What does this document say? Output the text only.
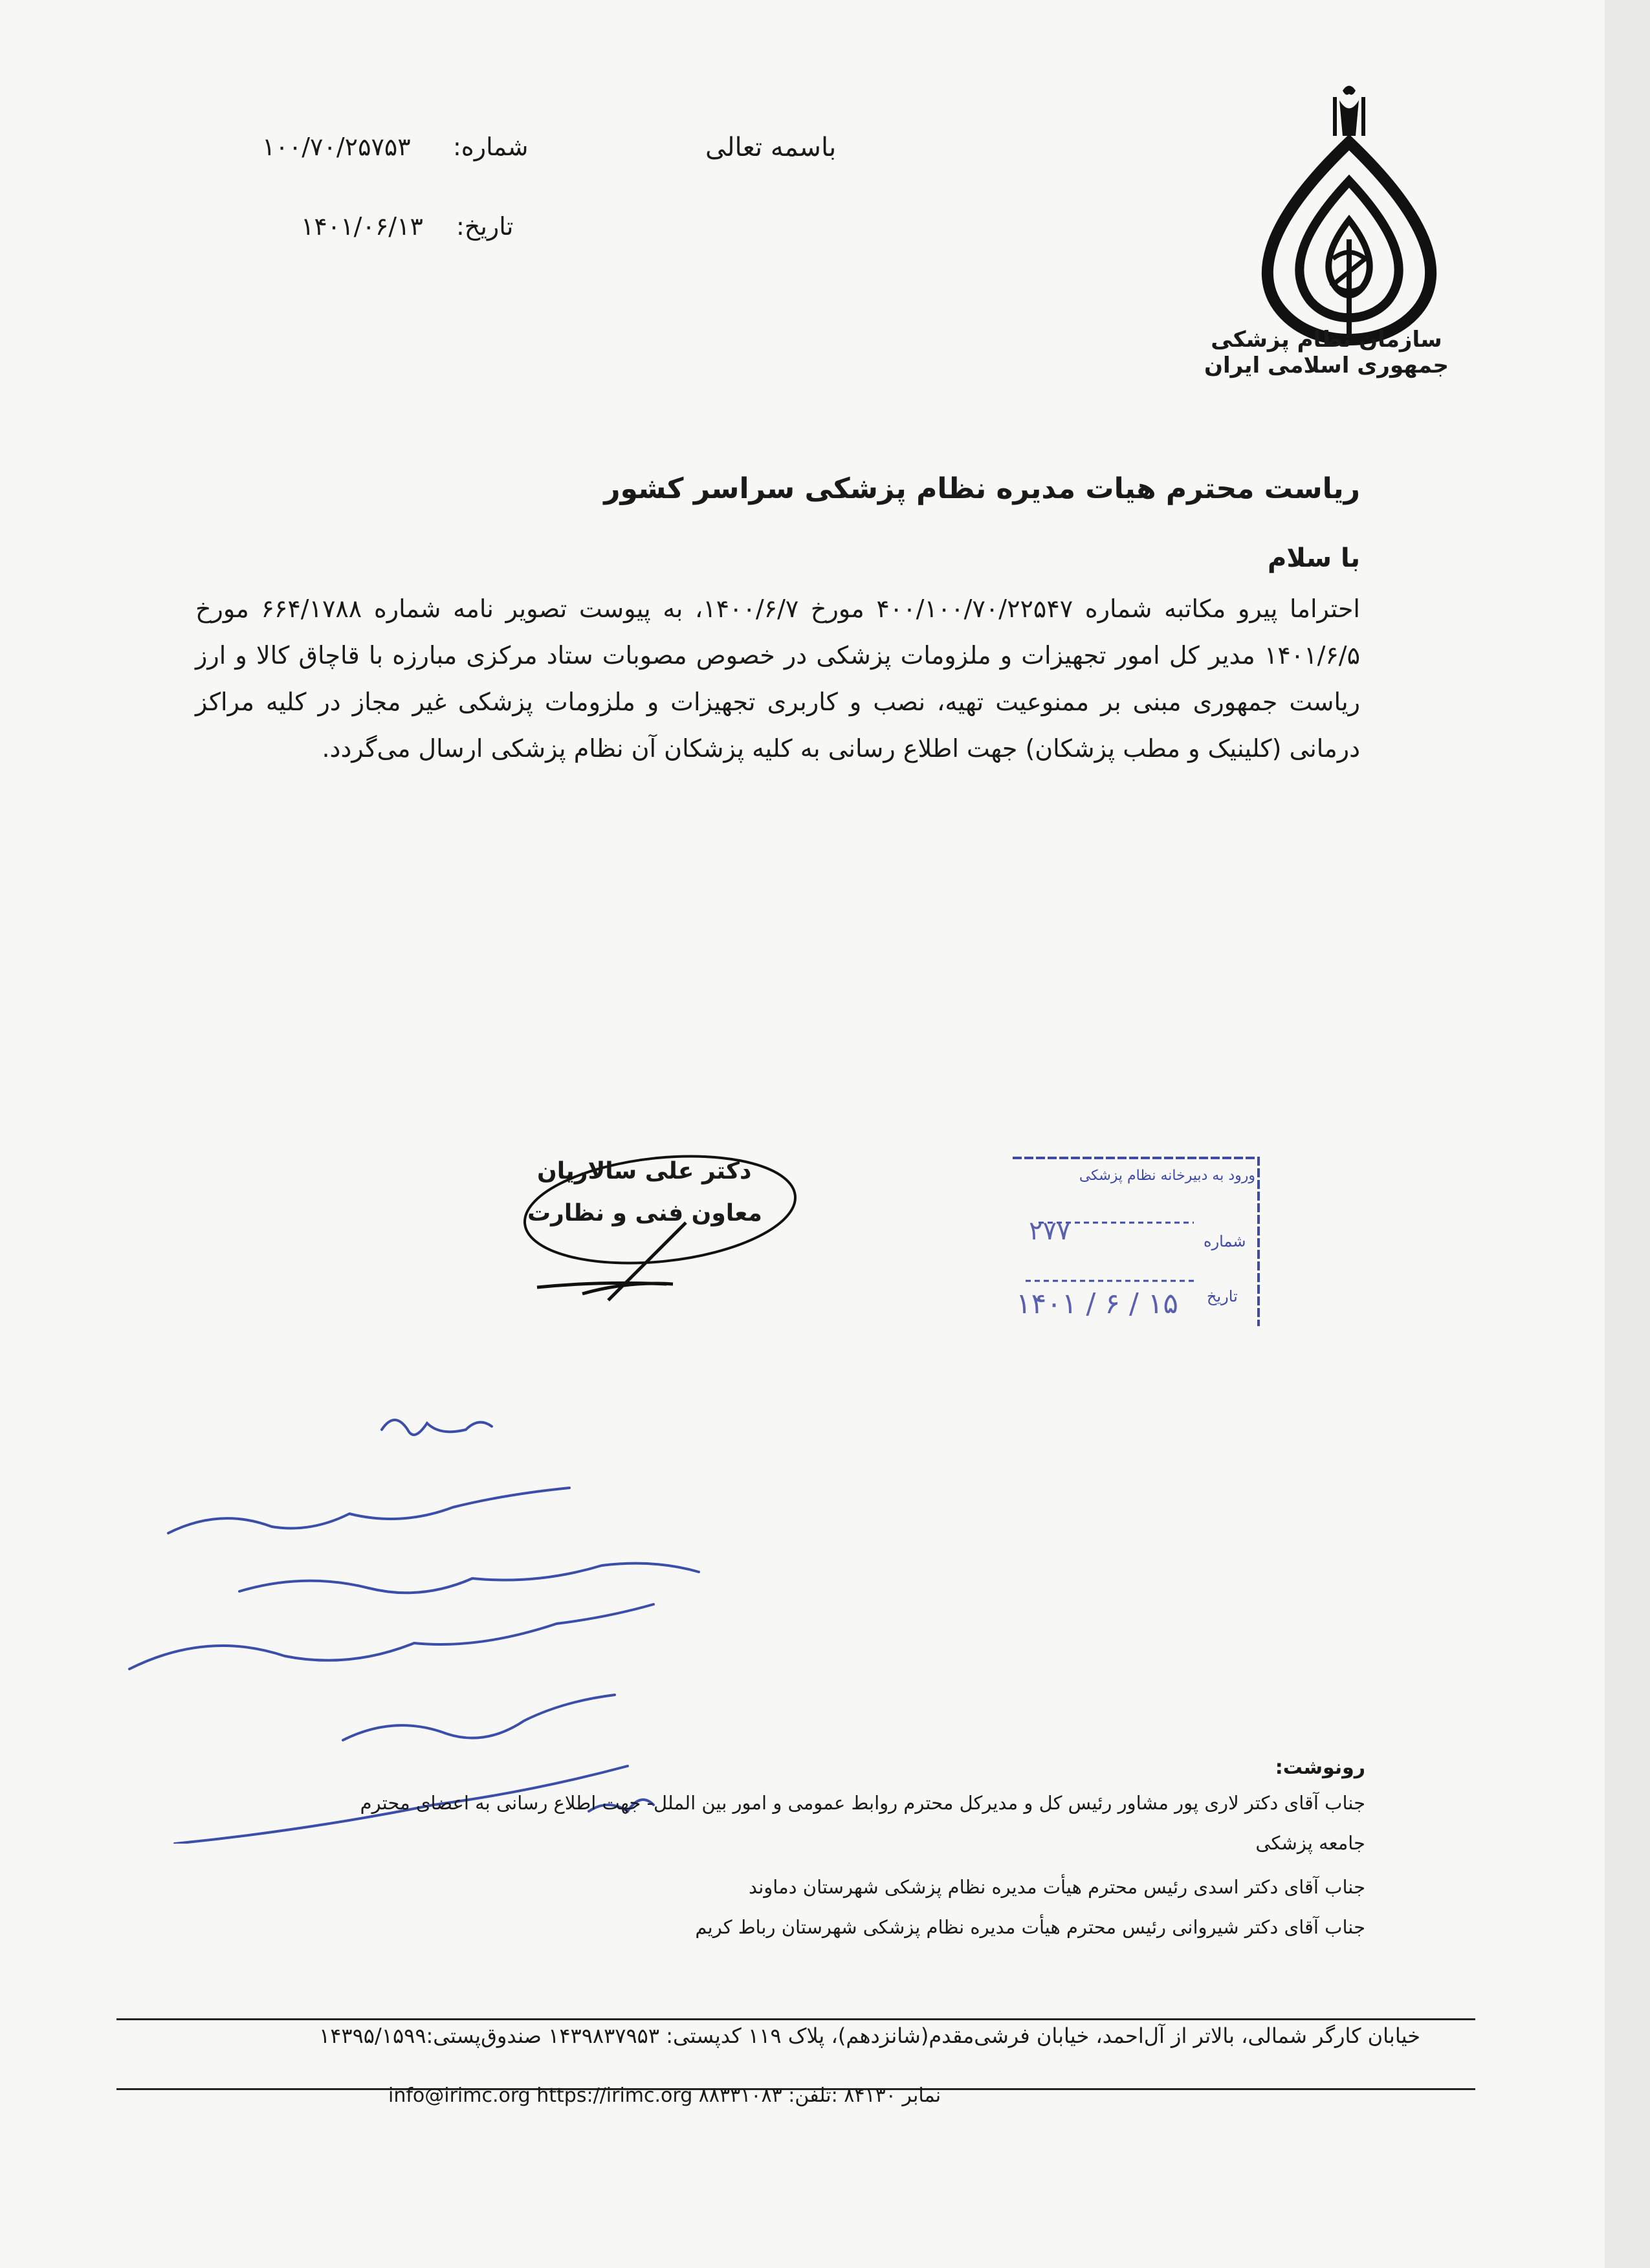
باسمه تعالی
شماره:
۱۰۰/۷۰/۲۵۷۵۳
تاریخ:
۱۴۰۱/۰۶/۱۳
سازمان نظام پزشکی جمهوری اسلامی ایران
ریاست محترم هیات مدیره نظام پزشکی سراسر کشور
با سلام
احتراما پیرو مکاتبه شماره ۴۰۰/۱۰۰/۷۰/۲۲۵۴۷ مورخ ۱۴۰۰/۶/۷، به پیوست تصویر نامه شماره ۶۶۴/۱۷۸۸ مورخ ۱۴۰۱/۶/۵ مدیر کل امور تجهیزات و ملزومات پزشکی در خصوص مصوبات ستاد مرکزی مبارزه با قاچاق کالا و ارز ریاست جمهوری مبنی بر ممنوعیت تهیه، نصب و کاربری تجهیزات و ملزومات پزشکی غیر مجاز در کلیه مراکز درمانی (کلینیک و مطب پزشکان) جهت اطلاع رسانی به کلیه پزشکان آن نظام پزشکی ارسال می‌گردد.
دکتر علی سالاریان
معاون فنی و نظارت
ورود به دبیرخانه نظام پزشکی
شماره
۲۷۷
تاریخ
۱۴۰۱ / ۶ / ۱۵
رونوشت:
جناب آقای دکتر لاری پور مشاور رئیس کل و مدیرکل محترم روابط عمومی و امور بین الملل- جهت اطلاع رسانی به اعضای محترم
جامعه پزشکی
جناب آقای دکتر اسدی رئیس محترم هیأت مدیره نظام پزشکی شهرستان دماوند
جناب آقای دکتر شیروانی رئیس محترم هیأت مدیره نظام پزشکی شهرستان رباط کریم
خیابان کارگر شمالی، بالاتر از آل‌احمد، خیابان فرشی‌مقدم(شانزدهم)، پلاک ۱۱۹ کدپستی: ۱۴۳۹۸۳۷۹۵۳ صندوق‌پستی:۱۴۳۹۵/۱۵۹۹
info@irimc.org https://irimc.org ۸۸۳۳۱۰۸۳ :نمابر ۸۴۱۳۰ :تلفن
